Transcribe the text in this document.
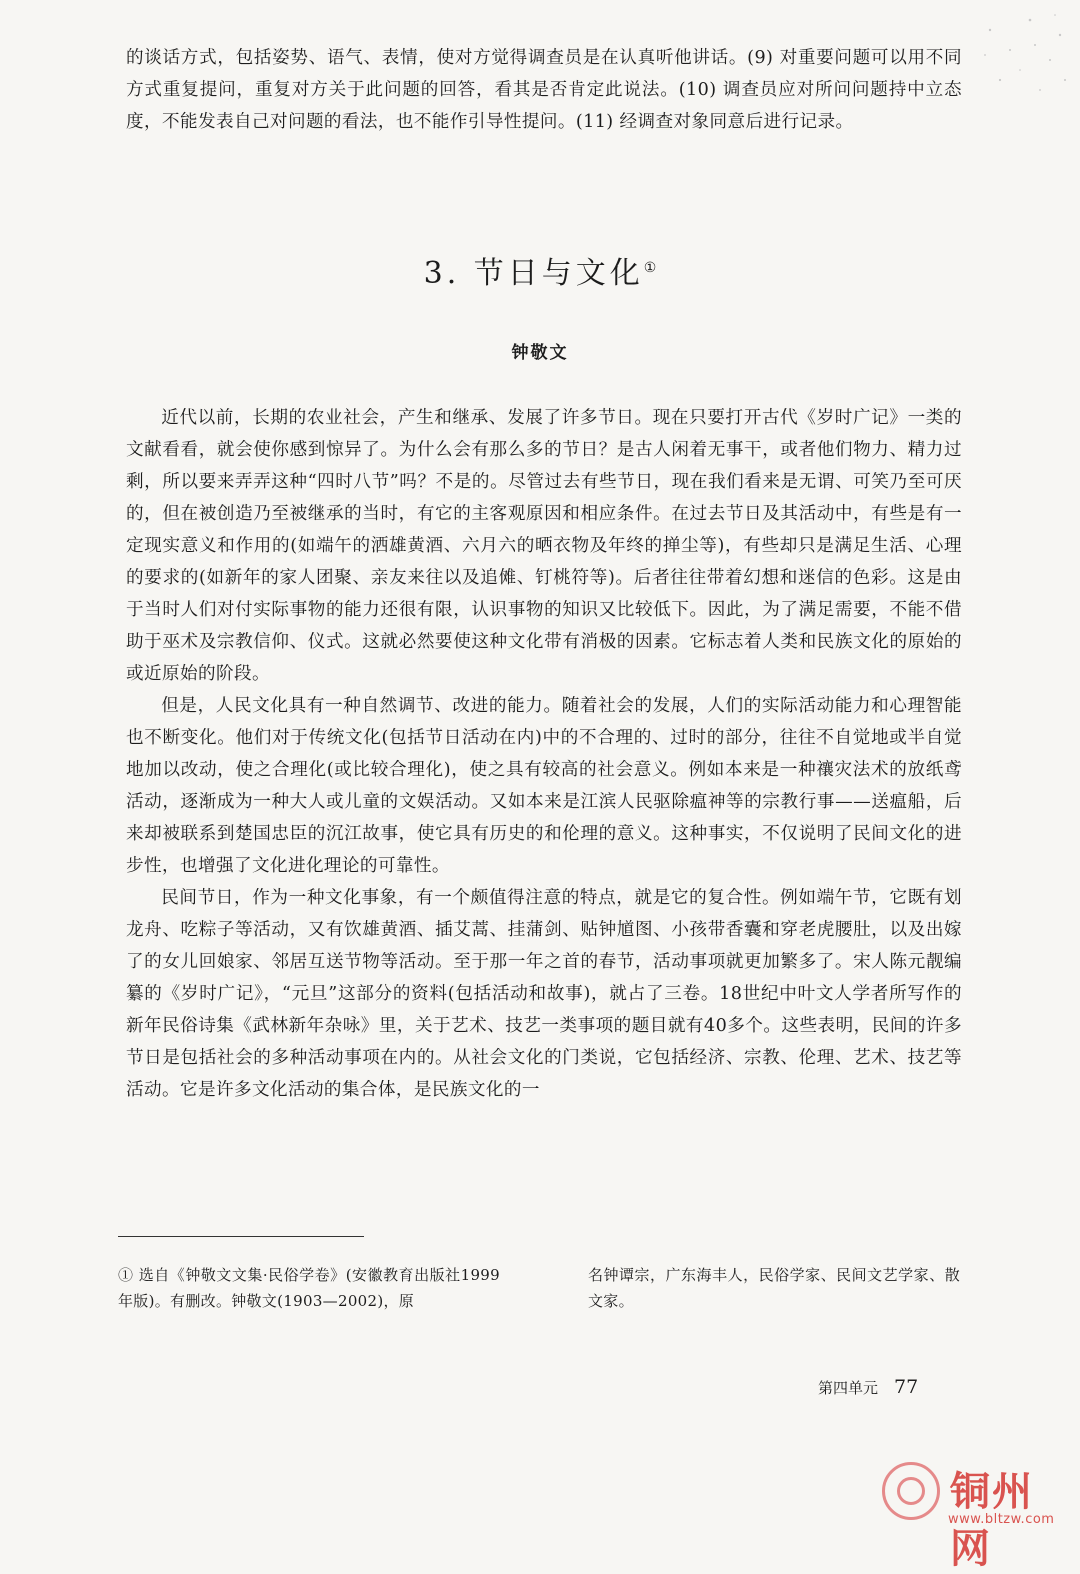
的谈话方式，包括姿势、语气、表情，使对方觉得调查员是在认真听他讲话。(9) 对重要问题可以用不同方式重复提问，重复对方关于此问题的回答，看其是否肯定此说法。(10) 调查员应对所问问题持中立态度，不能发表自己对问题的看法，也不能作引导性提问。(11) 经调查对象同意后进行记录。

3. 节日与文化①
钟敬文

近代以前，长期的农业社会，产生和继承、发展了许多节日。现在只要打开古代《岁时广记》一类的文献看看，就会使你感到惊异了。为什么会有那么多的节日？是古人闲着无事干，或者他们物力、精力过剩，所以要来弄弄这种“四时八节”吗？不是的。尽管过去有些节日，现在我们看来是无谓、可笑乃至可厌的，但在被创造乃至被继承的当时，有它的主客观原因和相应条件。在过去节日及其活动中，有些是有一定现实意义和作用的(如端午的洒雄黄酒、六月六的晒衣物及年终的掸尘等)，有些却只是满足生活、心理的要求的(如新年的家人团聚、亲友来往以及追傩、钉桃符等)。后者往往带着幻想和迷信的色彩。这是由于当时人们对付实际事物的能力还很有限，认识事物的知识又比较低下。因此，为了满足需要，不能不借助于巫术及宗教信仰、仪式。这就必然要使这种文化带有消极的因素。它标志着人类和民族文化的原始的或近原始的阶段。

但是，人民文化具有一种自然调节、改进的能力。随着社会的发展，人们的实际活动能力和心理智能也不断变化。他们对于传统文化(包括节日活动在内)中的不合理的、过时的部分，往往不自觉地或半自觉地加以改动，使之合理化(或比较合理化)，使之具有较高的社会意义。例如本来是一种禳灾法术的放纸鸢活动，逐渐成为一种大人或儿童的文娱活动。又如本来是江滨人民驱除瘟神等的宗教行事——送瘟船，后来却被联系到楚国忠臣的沉江故事，使它具有历史的和伦理的意义。这种事实，不仅说明了民间文化的进步性，也增强了文化进化理论的可靠性。

民间节日，作为一种文化事象，有一个颇值得注意的特点，就是它的复合性。例如端午节，它既有划龙舟、吃粽子等活动，又有饮雄黄酒、插艾蒿、挂蒲剑、贴钟馗图、小孩带香囊和穿老虎腰肚，以及出嫁了的女儿回娘家、邻居互送节物等活动。至于那一年之首的春节，活动事项就更加繁多了。宋人陈元靓编纂的《岁时广记》，“元旦”这部分的资料(包括活动和故事)，就占了三卷。18世纪中叶文人学者所写作的新年民俗诗集《武林新年杂咏》里，关于艺术、技艺一类事项的题目就有40多个。这些表明，民间的许多节日是包括社会的多种活动事项在内的。从社会文化的门类说，它包括经济、宗教、伦理、艺术、技艺等活动。它是许多文化活动的集合体，是民族文化的一

① 选自《钟敬文文集·民俗学卷》(安徽教育出版社1999年版)。有删改。钟敬文(1903—2002)，原
名钟谭宗，广东海丰人，民俗学家、民间文艺学家、散文家。
第四单元 77
铜州网
www.bltzw.com
